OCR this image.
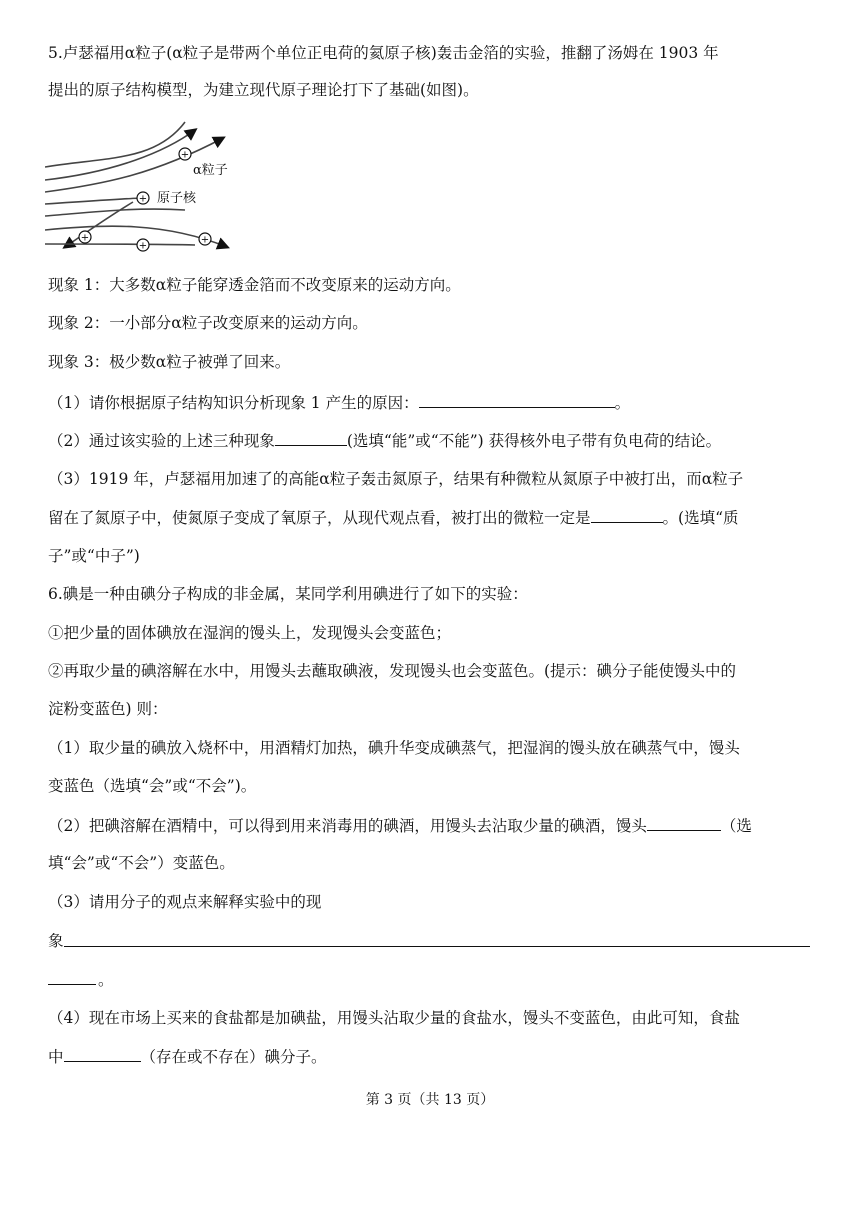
5.卢瑟福用α粒子(α粒子是带两个单位正电荷的氦原子核)轰击金箔的实验，推翻了汤姆在 1903 年
提出的原子结构模型，为建立现代原子理论打下了基础(如图)。
+
+
+
+
+
α粒子
原子核
现象 1：大多数α粒子能穿透金箔而不改变原来的运动方向。
现象 2：一小部分α粒子改变原来的运动方向。
现象 3：极少数α粒子被弹了回来。
（1）请你根据原子结构知识分析现象 1 产生的原因：	。
（2）通过该实验的上述三种现象	(选填“能”或“不能”) 获得核外电子带有负电荷的结论。
（3）1919 年，卢瑟福用加速了的高能α粒子轰击氮原子，结果有种微粒从氮原子中被打出，而α粒子
留在了氮原子中，使氮原子变成了氧原子，从现代观点看，被打出的微粒一定是	。(选填“质
子”或“中子”)
6.碘是一种由碘分子构成的非金属，某同学利用碘进行了如下的实验：
①把少量的固体碘放在湿润的馒头上，发现馒头会变蓝色；
②再取少量的碘溶解在水中，用馒头去蘸取碘液，发现馒头也会变蓝色。(提示：碘分子能使馒头中的
淀粉变蓝色) 则：
（1）取少量的碘放入烧杯中，用酒精灯加热，碘升华变成碘蒸气，把湿润的馒头放在碘蒸气中，馒头
变蓝色（选填“会”或“不会”)。
（2）把碘溶解在酒精中，可以得到用来消毒用的碘酒，用馒头去沾取少量的碘酒，馒头	（选
填“会”或“不会”）变蓝色。
（3）请用分子的观点来解释实验中的现
象
。
（4）现在市场上买来的食盐都是加碘盐，用馒头沾取少量的食盐水，馒头不变蓝色，由此可知，食盐
中	（存在或不存在）碘分子。
第 3 页（共 13 页）
